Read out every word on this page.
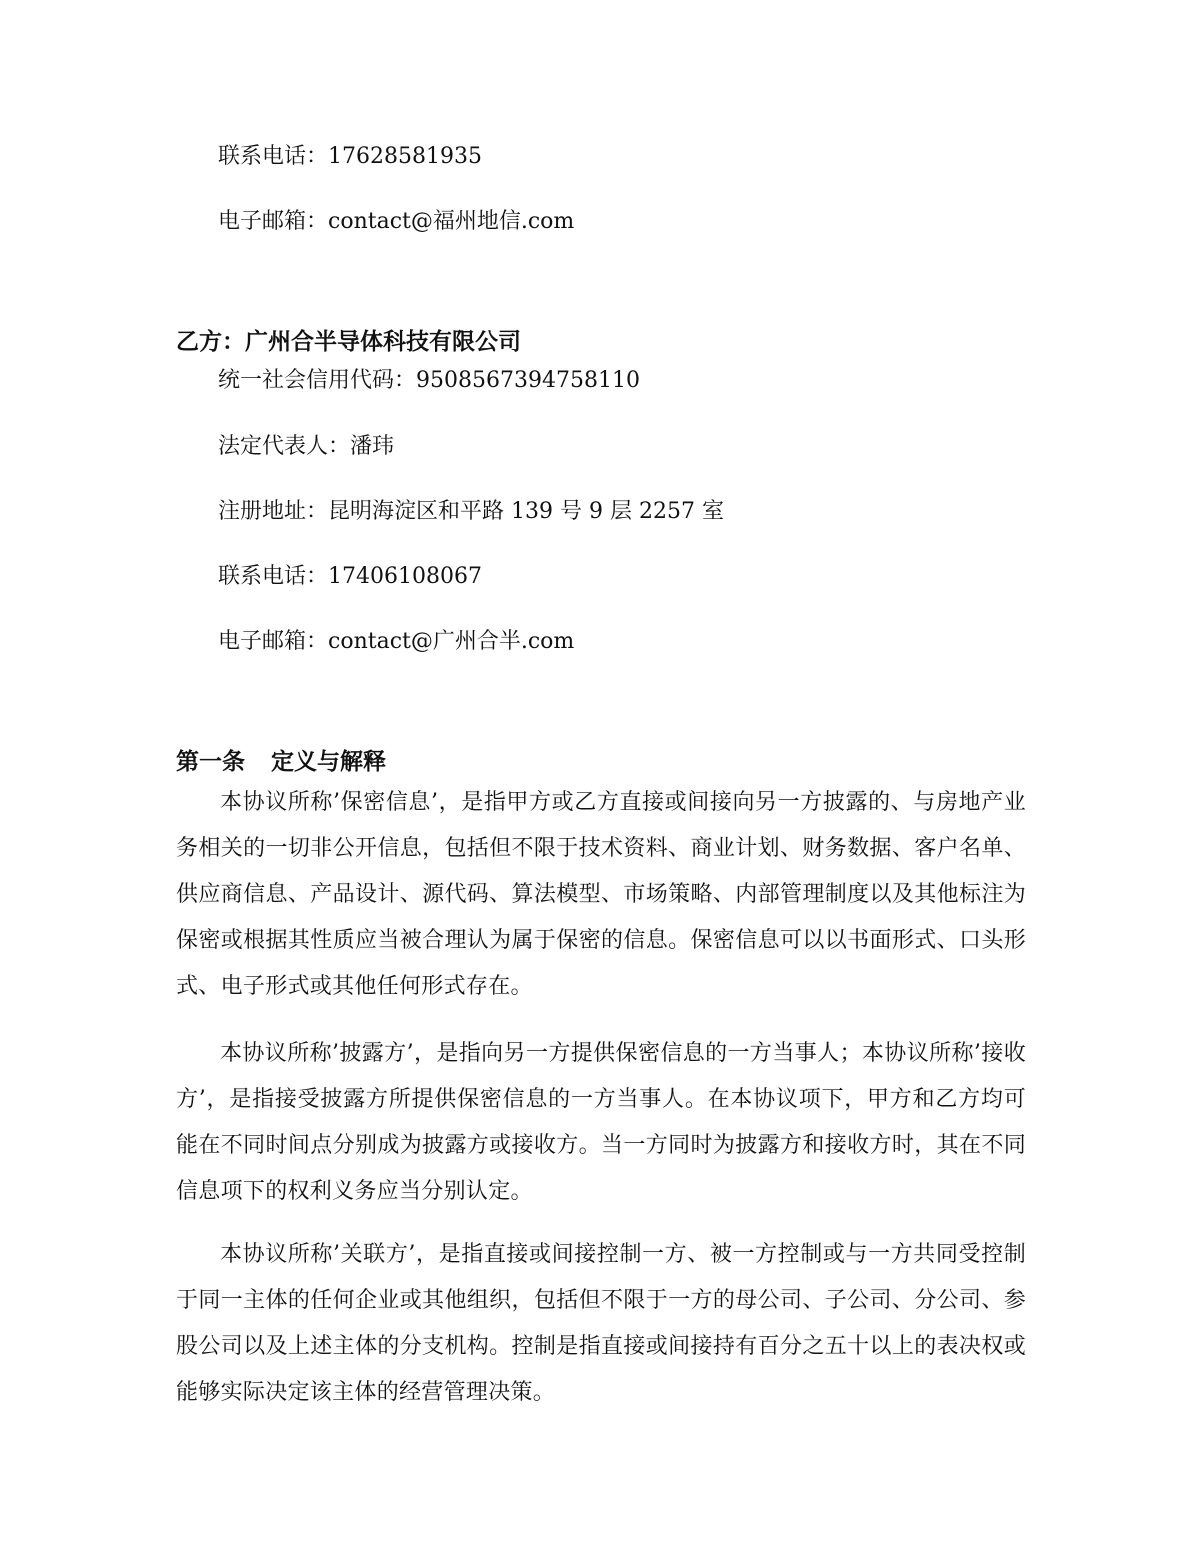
联系电话：17628581935
电子邮箱：contact@福州地信.com
乙方：广州合半导体科技有限公司
统一社会信用代码：9508567394758110
法定代表人：潘玮
注册地址：昆明海淀区和平路 139 号 9 层 2257 室
联系电话：17406108067
电子邮箱：contact@广州合半.com
第一条 定义与解释

本协议所称’保密信息’，是指甲方或乙方直接或间接向另一方披露的、与房地产业务相关的一切非公开信息，包括但不限于技术资料、商业计划、财务数据、客户名单、供应商信息、产品设计、源代码、算法模型、市场策略、内部管理制度以及其他标注为保密或根据其性质应当被合理认为属于保密的信息。保密信息可以以书面形式、口头形式、电子形式或其他任何形式存在。

本协议所称’披露方’，是指向另一方提供保密信息的一方当事人；本协议所称’接收方’，是指接受披露方所提供保密信息的一方当事人。在本协议项下，甲方和乙方均可能在不同时间点分别成为披露方或接收方。当一方同时为披露方和接收方时，其在不同信息项下的权利义务应当分别认定。

本协议所称’关联方’，是指直接或间接控制一方、被一方控制或与一方共同受控制于同一主体的任何企业或其他组织，包括但不限于一方的母公司、子公司、分公司、参股公司以及上述主体的分支机构。控制是指直接或间接持有百分之五十以上的表决权或能够实际决定该主体的经营管理决策。
